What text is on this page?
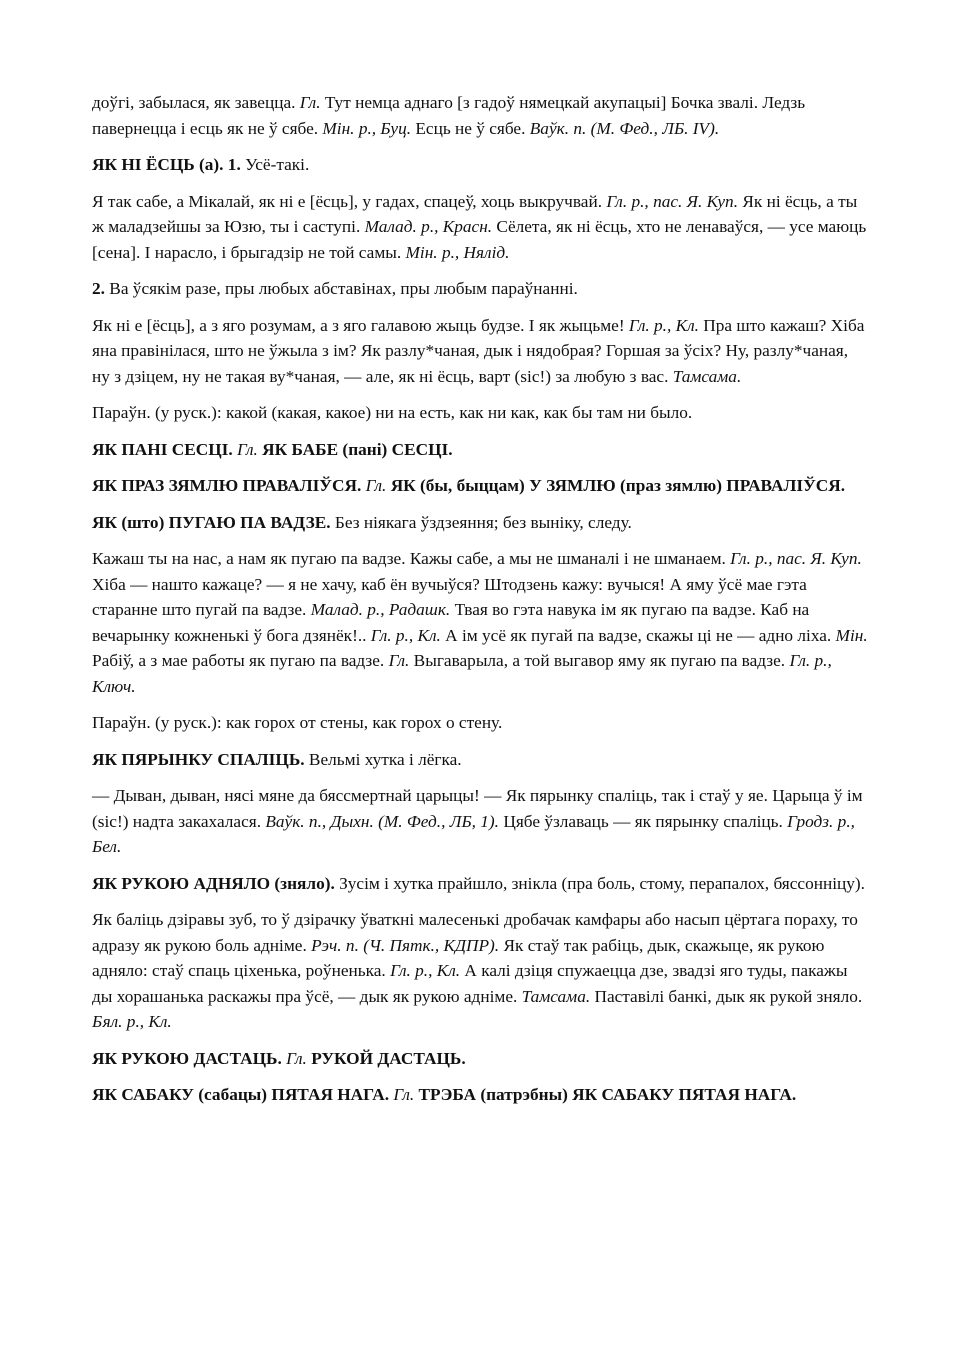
доўгі, забылася, як завецца. Гл. Тут немца аднаго [з гадоў нямецкай акупацыі] Бочка звалі. Ледзь павернецца і есць як не ў сябе. Мін. р., Буц. Есць не ў сябе. Ваўк. п. (М. Фед., ЛБ. IV).

ЯК НІ ЁСЦЬ (а). 1. Усё-такі.

Я так сабе, а Мікалай, як ні е [ёсць], у гадах, спацеў, хоць выкручвай. Гл. р., пас. Я. Куп. Як ні ёсць, а ты ж маладзейшы за Юзю, ты і саступі. Малад. р., Красн. Сёлета, як ні ёсць, хто не ленаваўся, — усе маюць [сена]. І нарасло, і брыгадзір не той самы. Мін. р., Нялід.

2. Ва ўсякім разе, пры любых абставінах, пры любым параўнанні.

Як ні е [ёсць], а з яго розумам, а з яго галавою жыць будзе. І як жыцьме! Гл. р., Кл. Пра што кажаш? Хіба яна правінілася, што не ўжыла з ім? Як разлу*чаная, дык і нядобрая? Горшая за ўсіх? Ну, разлу*чаная, ну з дзіцем, ну не такая ву*чаная, — але, як ні ёсць, варт (sic!) за любую з вас. Тамсама.

Параўн. (у руск.): какой (какая, какое) ни на есть, как ни как, как бы там ни было.

ЯК ПАНІ СЕСЦІ. Гл. ЯК БАБЕ (пані) СЕСЦІ.

ЯК ПРАЗ ЗЯМЛЮ ПРАВАЛІЎСЯ. Гл. ЯК (бы, быццам) У ЗЯМЛЮ (праз зямлю) ПРАВАЛІЎСЯ.

ЯК (што) ПУГАЮ ПА ВАДЗЕ. Без ніякага ўздзеяння; без выніку, следу.

Кажаш ты на нас, а нам як пугаю па вадзе. Кажы сабе, а мы не шманалі і не шманаем. Гл. р., пас. Я. Куп. Хіба — нашто кажаце? — я не хачу, каб ён вучыўся? Штодзень кажу: вучыся! А яму ўсё мае гэта старанне што пугай па вадзе. Малад. р., Радашк. Твая во гэта навука ім як пугаю па вадзе. Каб на вечарынку кожненькі ў бога дзянёк!.. Гл. р., Кл. А ім усё як пугай па вадзе, скажы ці не — адно ліха. Мін. Рабіў, а з мае работы як пугаю па вадзе. Гл. Выгаварыла, а той выгавор яму як пугаю па вадзе. Гл. р., Ключ.

Параўн. (у руск.): как горох от стены, как горох о стену.

ЯК ПЯРЫНКУ СПАЛІЦЬ. Вельмі хутка і лёгка.

— Дыван, дыван, нясі мяне да бяссмертнай царыцы! — Як пярынку спаліць, так і стаў у яе. Царыца ў ім (sic!) надта закахалася. Ваўк. п., Дыхн. (М. Фед., ЛБ, 1). Цябе ўзлаваць — як пярынку спаліць. Гродз. р., Бел.

ЯК РУКОЮ АДНЯЛО (зняло). Зусім і хутка прайшло, знікла (пра боль, стому, перапалох, бяссонніцу).

Як баліць дзіравы зуб, то ў дзірачку ўваткні малесенькі дробачак камфары або насып цёртага пораху, то адразу як рукою боль адніме. Рэч. п. (Ч. Пятк., КДПР). Як стаў так рабіць, дык, скажыце, як рукою адняло: стаў спаць ціхенька, роўненька. Гл. р., Кл. А калі дзіця спужаецца дзе, звадзі яго туды, пакажы ды хорашанька раскажы пра ўсё, — дык як рукою адніме. Тамсама. Паставілі банкі, дык як рукой зняло. Бял. р., Кл.

ЯК РУКОЮ ДАСТАЦЬ. Гл. РУКОЙ ДАСТАЦЬ.

ЯК САБАКУ (сабацы) ПЯТАЯ НАГА. Гл. ТРЭБА (патрэбны) ЯК САБАКУ ПЯТАЯ НАГА.
